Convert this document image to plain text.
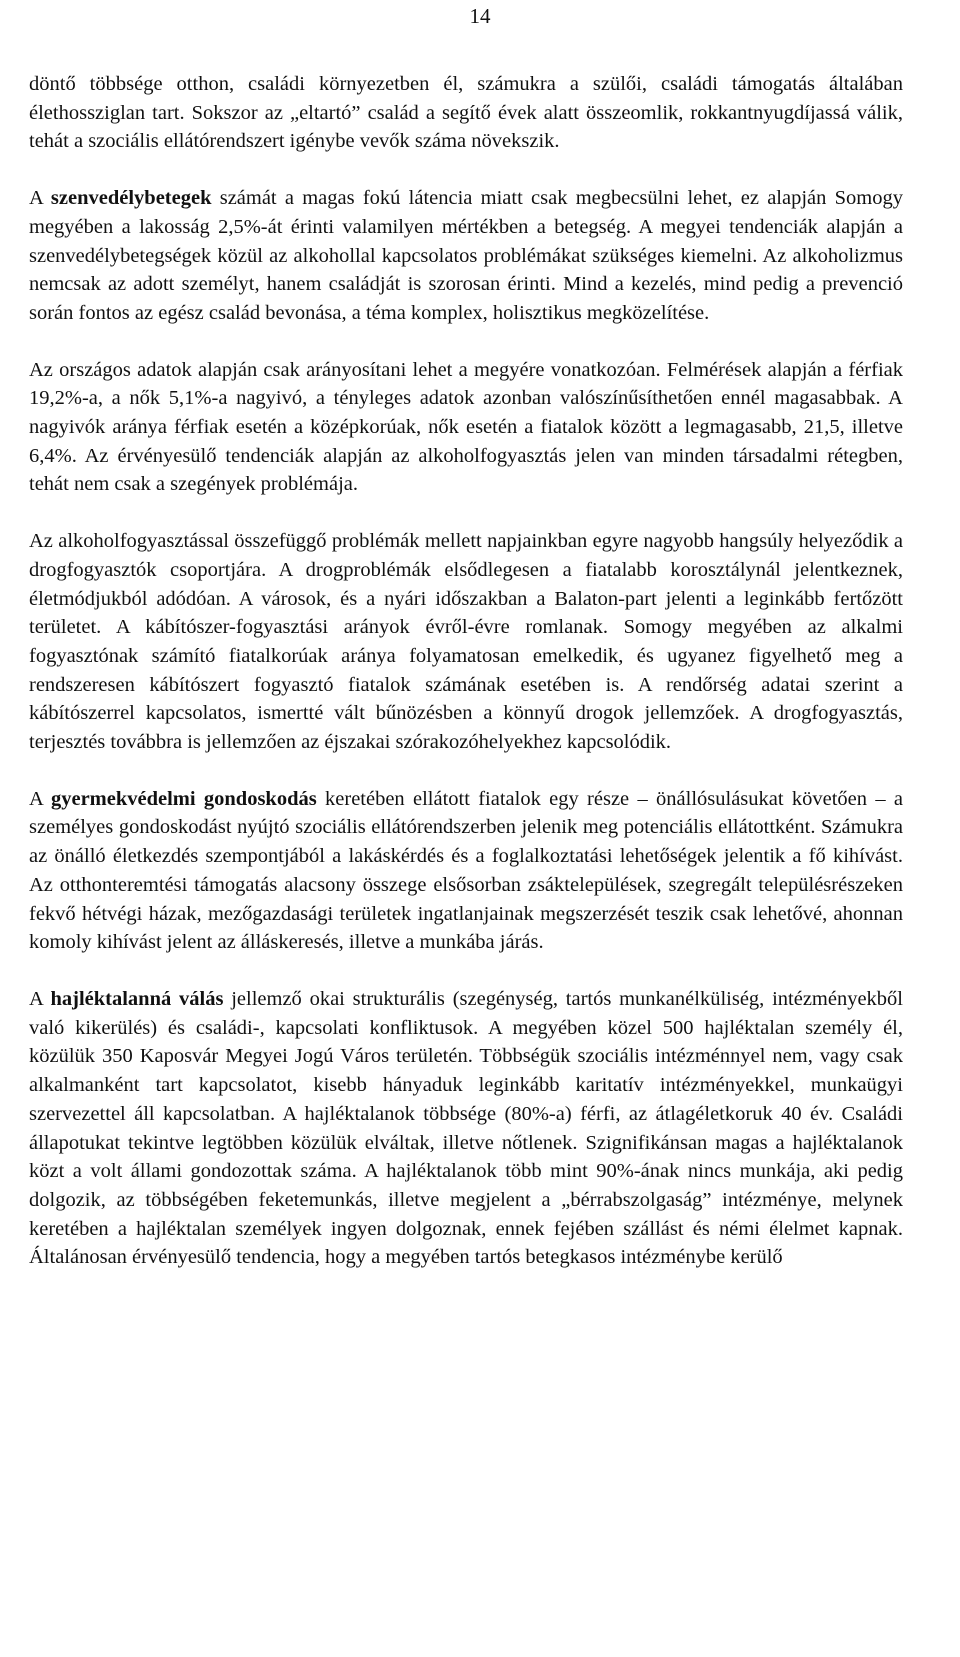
14

döntő többsége otthon, családi környezetben él, számukra a szülői, családi támogatás általában élethossziglan tart. Sokszor az „eltartó” család a segítő évek alatt összeomlik, rokkantnyugdíjassá válik, tehát a szociális ellátórendszert igénybe vevők száma növekszik.

A szenvedélybetegek számát a magas fokú látencia miatt csak megbecsülni lehet, ez alapján Somogy megyében a lakosság 2,5%-át érinti valamilyen mértékben a betegség. A megyei tendenciák alapján a szenvedélybetegségek közül az alkohollal kapcsolatos problémákat szükséges kiemelni. Az alkoholizmus nemcsak az adott személyt, hanem családját is szorosan érinti. Mind a kezelés, mind pedig a prevenció során fontos az egész család bevonása, a téma komplex, holisztikus megközelítése.

Az országos adatok alapján csak arányosítani lehet a megyére vonatkozóan. Felmérések alapján a férfiak 19,2%-a, a nők 5,1%-a nagyivó, a tényleges adatok azonban valószínűsíthetően ennél magasabbak. A nagyivók aránya férfiak esetén a középkorúak, nők esetén a fiatalok között a legmagasabb, 21,5, illetve 6,4%. Az érvényesülő tendenciák alapján az alkoholfogyasztás jelen van minden társadalmi rétegben, tehát nem csak a szegények problémája.

Az alkoholfogyasztással összefüggő problémák mellett napjainkban egyre nagyobb hangsúly helyeződik a drogfogyasztók csoportjára. A drogproblémák elsődlegesen a fiatalabb korosztálynál jelentkeznek, életmódjukból adódóan. A városok, és a nyári időszakban a Balaton-part jelenti a leginkább fertőzött területet. A kábítószer-fogyasztási arányok évről-évre romlanak. Somogy megyében az alkalmi fogyasztónak számító fiatalkorúak aránya folyamatosan emelkedik, és ugyanez figyelhető meg a rendszeresen kábítószert fogyasztó fiatalok számának esetében is. A rendőrség adatai szerint a kábítószerrel kapcsolatos, ismertté vált bűnözésben a könnyű drogok jellemzőek. A drogfogyasztás, terjesztés továbbra is jellemzően az éjszakai szórakozóhelyekhez kapcsolódik.

A gyermekvédelmi gondoskodás keretében ellátott fiatalok egy része – önállósulásukat követően – a személyes gondoskodást nyújtó szociális ellátórendszerben jelenik meg potenciális ellátottként. Számukra az önálló életkezdés szempontjából a lakáskérdés és a foglalkoztatási lehetőségek jelentik a fő kihívást. Az otthonteremtési támogatás alacsony összege elsősorban zsáktelepülések, szegregált településrészeken fekvő hétvégi házak, mezőgazdasági területek ingatlanjainak megszerzését teszik csak lehetővé, ahonnan komoly kihívást jelent az álláskeresés, illetve a munkába járás.

A hajléktalanná válás jellemző okai strukturális (szegénység, tartós munkanélküliség, intézményekből való kikerülés) és családi-, kapcsolati konfliktusok. A megyében közel 500 hajléktalan személy él, közülük 350 Kaposvár Megyei Jogú Város területén. Többségük szociális intézménnyel nem, vagy csak alkalmanként tart kapcsolatot, kisebb hányaduk leginkább karitatív intézményekkel, munkaügyi szervezettel áll kapcsolatban. A hajléktalanok többsége (80%-a) férfi, az átlagéletkoruk 40 év. Családi állapotukat tekintve legtöbben közülük elváltak, illetve nőtlenek. Szignifikánsan magas a hajléktalanok közt a volt állami gondozottak száma. A hajléktalanok több mint 90%-ának nincs munkája, aki pedig dolgozik, az többségében feketemunkás, illetve megjelent a „bérrabszolgaság” intézménye, melynek keretében a hajléktalan személyek ingyen dolgoznak, ennek fejében szállást és némi élelmet kapnak. Általánosan érvényesülő tendencia, hogy a megyében tartós betegkasos intézménybe kerülő
